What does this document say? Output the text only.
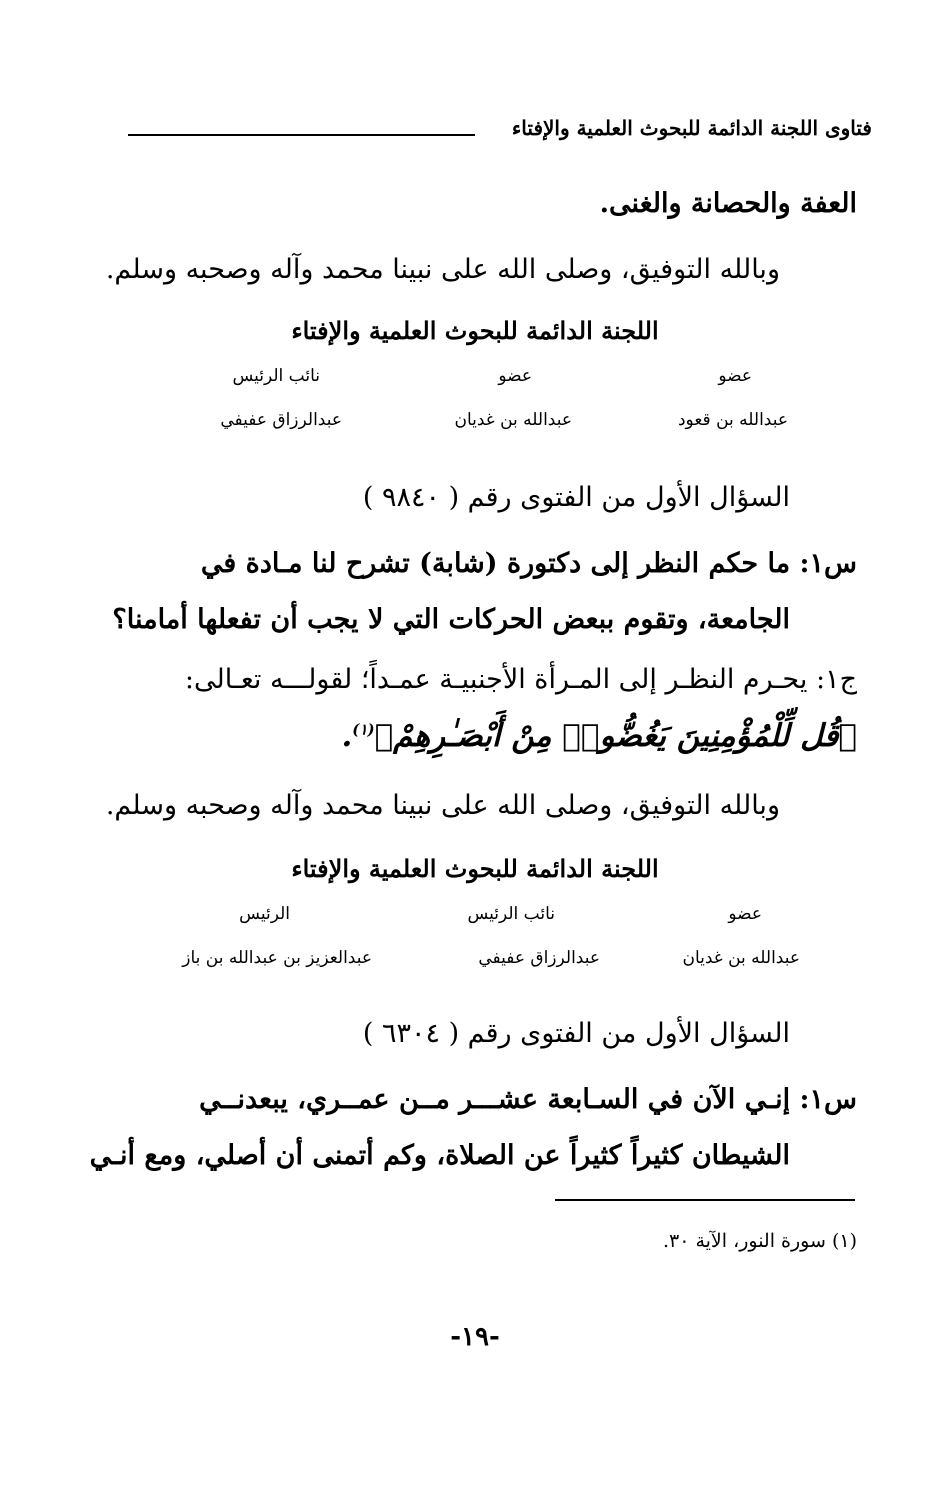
فتاوى اللجنة الدائمة للبحوث العلمية والإفتاء
العفة والحصانة والغنى.
وبالله التوفيق، وصلى الله على نبينا محمد وآله وصحبه وسلم.
اللجنة الدائمة للبحوث العلمية والإفتاء
عضو
عضو
نائب الرئيس
عبدالله بن قعود
عبدالله بن غديان
عبدالرزاق عفيفي
السؤال الأول من الفتوى رقم ( ٩٨٤٠ )
س١: ما حكم النظر إلى دكتورة (شابة) تشرح لنا مـادة في
الجامعة، وتقوم ببعض الحركات التي لا يجب أن تفعلها أمامنا؟
ج١: يحـرم النظـر إلى المـرأة الأجنبيـة عمـداً؛ لقولـــه تعـالى:
﴿قُل لِّلْمُؤْمِنِينَ يَغُضُّوا۟ مِنْ أَبْصَـٰرِهِمْ﴾$^{(١)}$.
وبالله التوفيق، وصلى الله على نبينا محمد وآله وصحبه وسلم.
اللجنة الدائمة للبحوث العلمية والإفتاء
عضو
نائب الرئيس
الرئيس
عبدالله بن غديان
عبدالرزاق عفيفي
عبدالعزيز بن عبدالله بن باز
السؤال الأول من الفتوى رقم ( ٦٣٠٤ )
س١: إنـي الآن في السـابعة عشـــر مــن عمــري، يبعدنــي
الشيطان كثيراً كثيراً عن الصلاة، وكم أتمنى أن أصلي، ومع أنـي
(١) سورة النور، الآية ٣٠.
-١٩-
